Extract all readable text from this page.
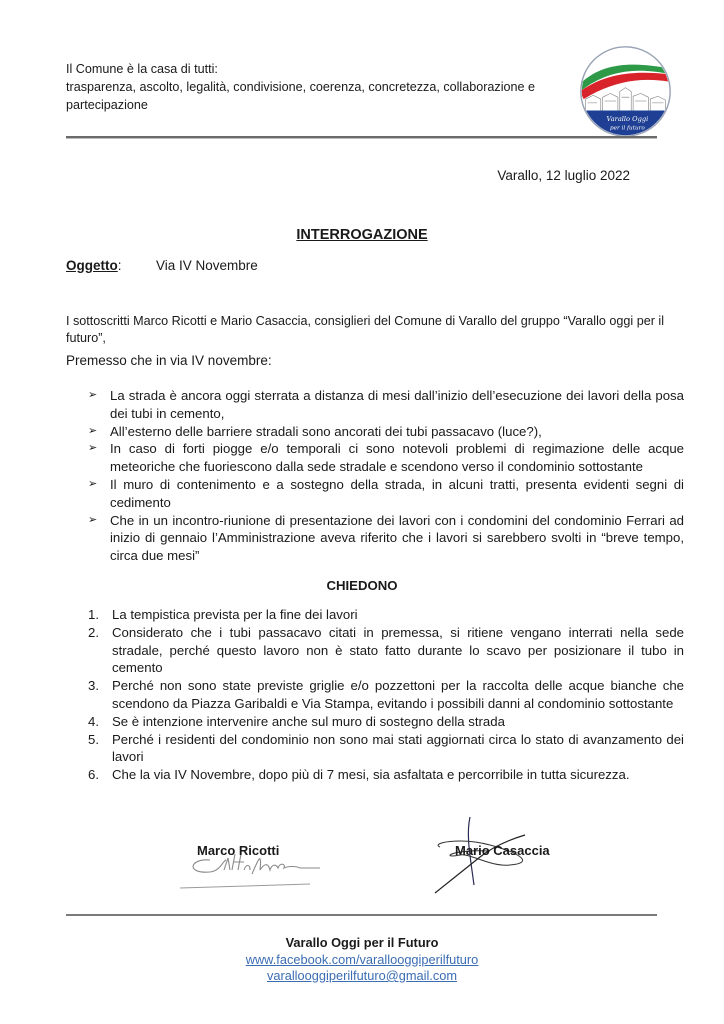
Il Comune è la casa di tutti:
trasparenza, ascolto, legalità, condivisione, coerenza, concretezza, collaborazione e
partecipazione
Varallo Oggi
per il futuro
Varallo, 12 luglio 2022
INTERROGAZIONE
Oggetto:	Via IV Novembre
I sottoscritti Marco Ricotti e Mario Casaccia, consiglieri del Comune di Varallo del gruppo “Varallo oggi per il futuro”,
Premesso che in via IV novembre:
➢ La strada è ancora oggi sterrata a distanza di mesi dall’inizio dell’esecuzione dei lavori della posa dei tubi in cemento,
➢ All’esterno delle barriere stradali sono ancorati dei tubi passacavo (luce?),
➢ In caso di forti piogge e/o temporali ci sono notevoli problemi di regimazione delle acque meteoriche che fuoriescono dalla sede stradale e scendono verso il condominio sottostante
➢ Il muro di contenimento e a sostegno della strada, in alcuni tratti, presenta evidenti segni di cedimento
➢ Che in un incontro-riunione di presentazione dei lavori con i condomini del condominio Ferrari ad inizio di gennaio l’Amministrazione aveva riferito che i lavori si sarebbero svolti in “breve tempo, circa due mesi”
CHIEDONO
1. La tempistica prevista per la fine dei lavori
2. Considerato che i tubi passacavo citati in premessa, si ritiene vengano interrati nella sede stradale, perché questo lavoro non è stato fatto durante lo scavo per posizionare il tubo in cemento
3. Perché non sono state previste griglie e/o pozzettoni per la raccolta delle acque bianche che scendono da Piazza Garibaldi e Via Stampa, evitando i possibili danni al condominio sottostante
4. Se è intenzione intervenire anche sul muro di sostegno della strada
5. Perché i residenti del condominio non sono mai stati aggiornati circa lo stato di avanzamento dei lavori
6. Che la via IV Novembre, dopo più di 7 mesi, sia asfaltata e percorribile in tutta sicurezza.
Marco Ricotti	Mario Casaccia
Varallo Oggi per il Futuro
www.facebook.com/varallooggiperilfuturo
varallooggiperilfuturo@gmail.com
